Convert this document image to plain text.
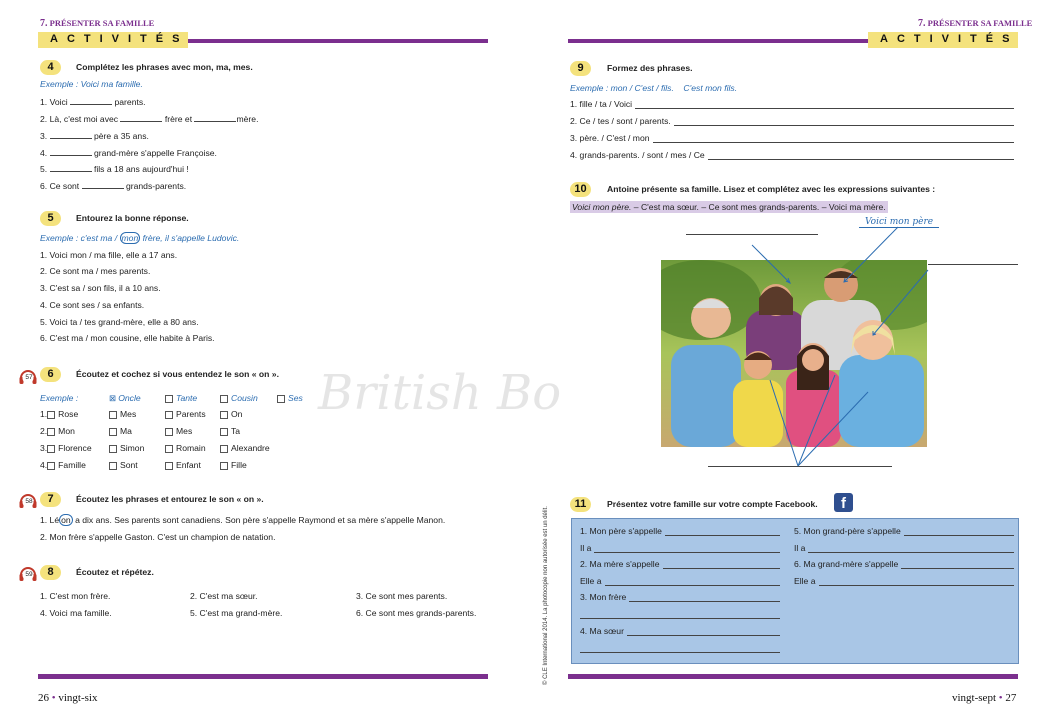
7. PRÉSENTER SA FAMILLE
ACTIVITÉS
4	Complétez les phrases avec mon, ma, mes.
Exemple : Voici ma famille.
1. Voici	parents.
2. Là, c'est moi avec	frère et	mère.
3.	père a 35 ans.
4.	grand-mère s'appelle Françoise.
5.	fils a 18 ans aujourd'hui !
6. Ce sont	grands-parents.
5	Entourez la bonne réponse.
Exemple : c'est ma / mon frère, il s'appelle Ludovic.
1. Voici mon / ma fille, elle a 17 ans.
2. Ce sont ma / mes parents.
3. C'est sa / son fils, il a 10 ans.
4. Ce sont ses / sa enfants.
5. Voici ta / tes grand-mère, elle a 80 ans.
6. C'est ma / mon cousine, elle habite à Paris.
57	6	Écoutez et cochez si vous entendez le son « on ».
Exemple :	⊠ Oncle	Tante	Cousin	Ses
1. Rose	Mes	Parents	On
2. Mon	Ma	Mes	Ta
3. Florence	Simon	Romain	Alexandre
4. Famille	Sont	Enfant	Fille
58	7	Écoutez les phrases et entourez le son « on ».
1. Lé on a dix ans. Ses parents sont canadiens. Son père s'appelle Raymond et sa mère s'appelle Manon.
2. Mon frère s'appelle Gaston. C'est un champion de natation.
59	8	Écoutez et répétez.
1. C'est mon frère.	2. C'est ma sœur.	3. Ce sont mes parents.
4. Voici ma famille.	5. C'est ma grand-mère.	6. Ce sont mes grands-parents.
26 • vingt-six
7. PRÉSENTER SA FAMILLE
ACTIVITÉS
9	Formez des phrases.
Exemple : mon / C'est / fils. C'est mon fils.
1. fille / ta / Voici
2. Ce / tes / sont / parents.
3. père. / C'est / mon
4. grands-parents. / sont / mes / Ce
10	Antoine présente sa famille. Lisez et complétez avec les expressions suivantes :
Voici mon père. – C'est ma sœur. – Ce sont mes grands-parents. – Voici ma mère.
Voici mon père
British Bo
© CLE International 2014. La photocopie non autorisée est un délit.
11	Présentez votre famille sur votre compte Facebook.	f
1. Mon père s'appelle
Il a
2. Ma mère s'appelle
Elle a
3. Mon frère
4. Ma sœur
5. Mon grand-père s'appelle
Il a
6. Ma grand-mère s'appelle
Elle a
vingt-sept • 27
